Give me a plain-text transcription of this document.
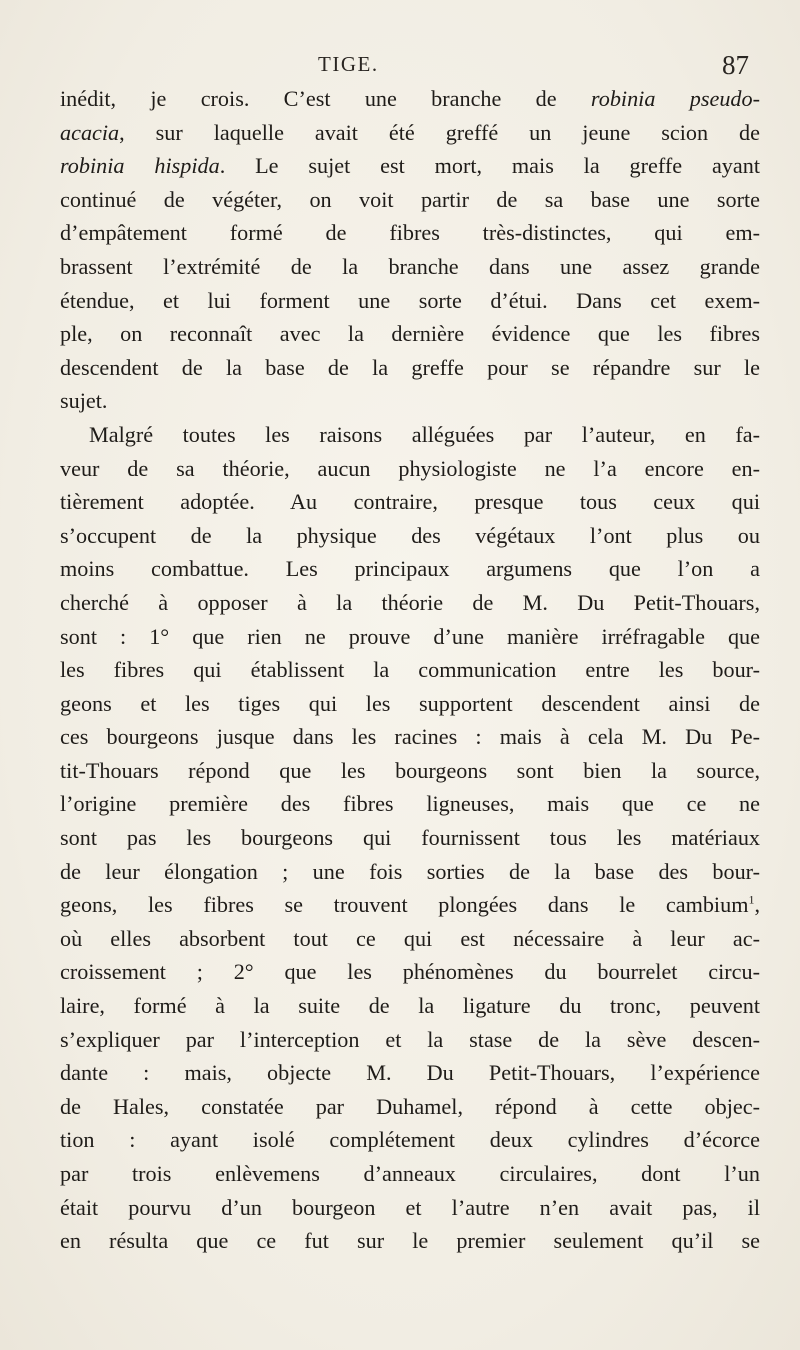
TIGE.	87
inédit, je crois. C’est une branche de robinia pseudo-
acacia, sur laquelle avait été greffé un jeune scion de
robinia hispida. Le sujet est mort, mais la greffe ayant
continué de végéter, on voit partir de sa base une sorte
d’empâtement formé de fibres très-distinctes, qui em-
brassent l’extrémité de la branche dans une assez grande
étendue, et lui forment une sorte d’étui. Dans cet exem-
ple, on reconnaît avec la dernière évidence que les fibres
descendent de la base de la greffe pour se répandre sur le
sujet.
Malgré toutes les raisons alléguées par l’auteur, en fa-
veur de sa théorie, aucun physiologiste ne l’a encore en-
tièrement adoptée. Au contraire, presque tous ceux qui
s’occupent de la physique des végétaux l’ont plus ou
moins combattue. Les principaux argumens que l’on a
cherché à opposer à la théorie de M. Du Petit-Thouars,
sont : 1° que rien ne prouve d’une manière irréfragable que
les fibres qui établissent la communication entre les bour-
geons et les tiges qui les supportent descendent ainsi de
ces bourgeons jusque dans les racines : mais à cela M. Du Pe-
tit-Thouars répond que les bourgeons sont bien la source,
l’origine première des fibres ligneuses, mais que ce ne
sont pas les bourgeons qui fournissent tous les matériaux
de leur élongation ; une fois sorties de la base des bour-
geons, les fibres se trouvent plongées dans le cambium$^1$,
où elles absorbent tout ce qui est nécessaire à leur ac-
croissement ; 2° que les phénomènes du bourrelet circu-
laire, formé à la suite de la ligature du tronc, peuvent
s’expliquer par l’interception et la stase de la sève descen-
dante : mais, objecte M. Du Petit-Thouars, l’expérience
de Hales, constatée par Duhamel, répond à cette objec-
tion : ayant isolé complétement deux cylindres d’écorce
par trois enlèvemens d’anneaux circulaires, dont l’un
était pourvu d’un bourgeon et l’autre n’en avait pas, il
en résulta que ce fut sur le premier seulement qu’il se
